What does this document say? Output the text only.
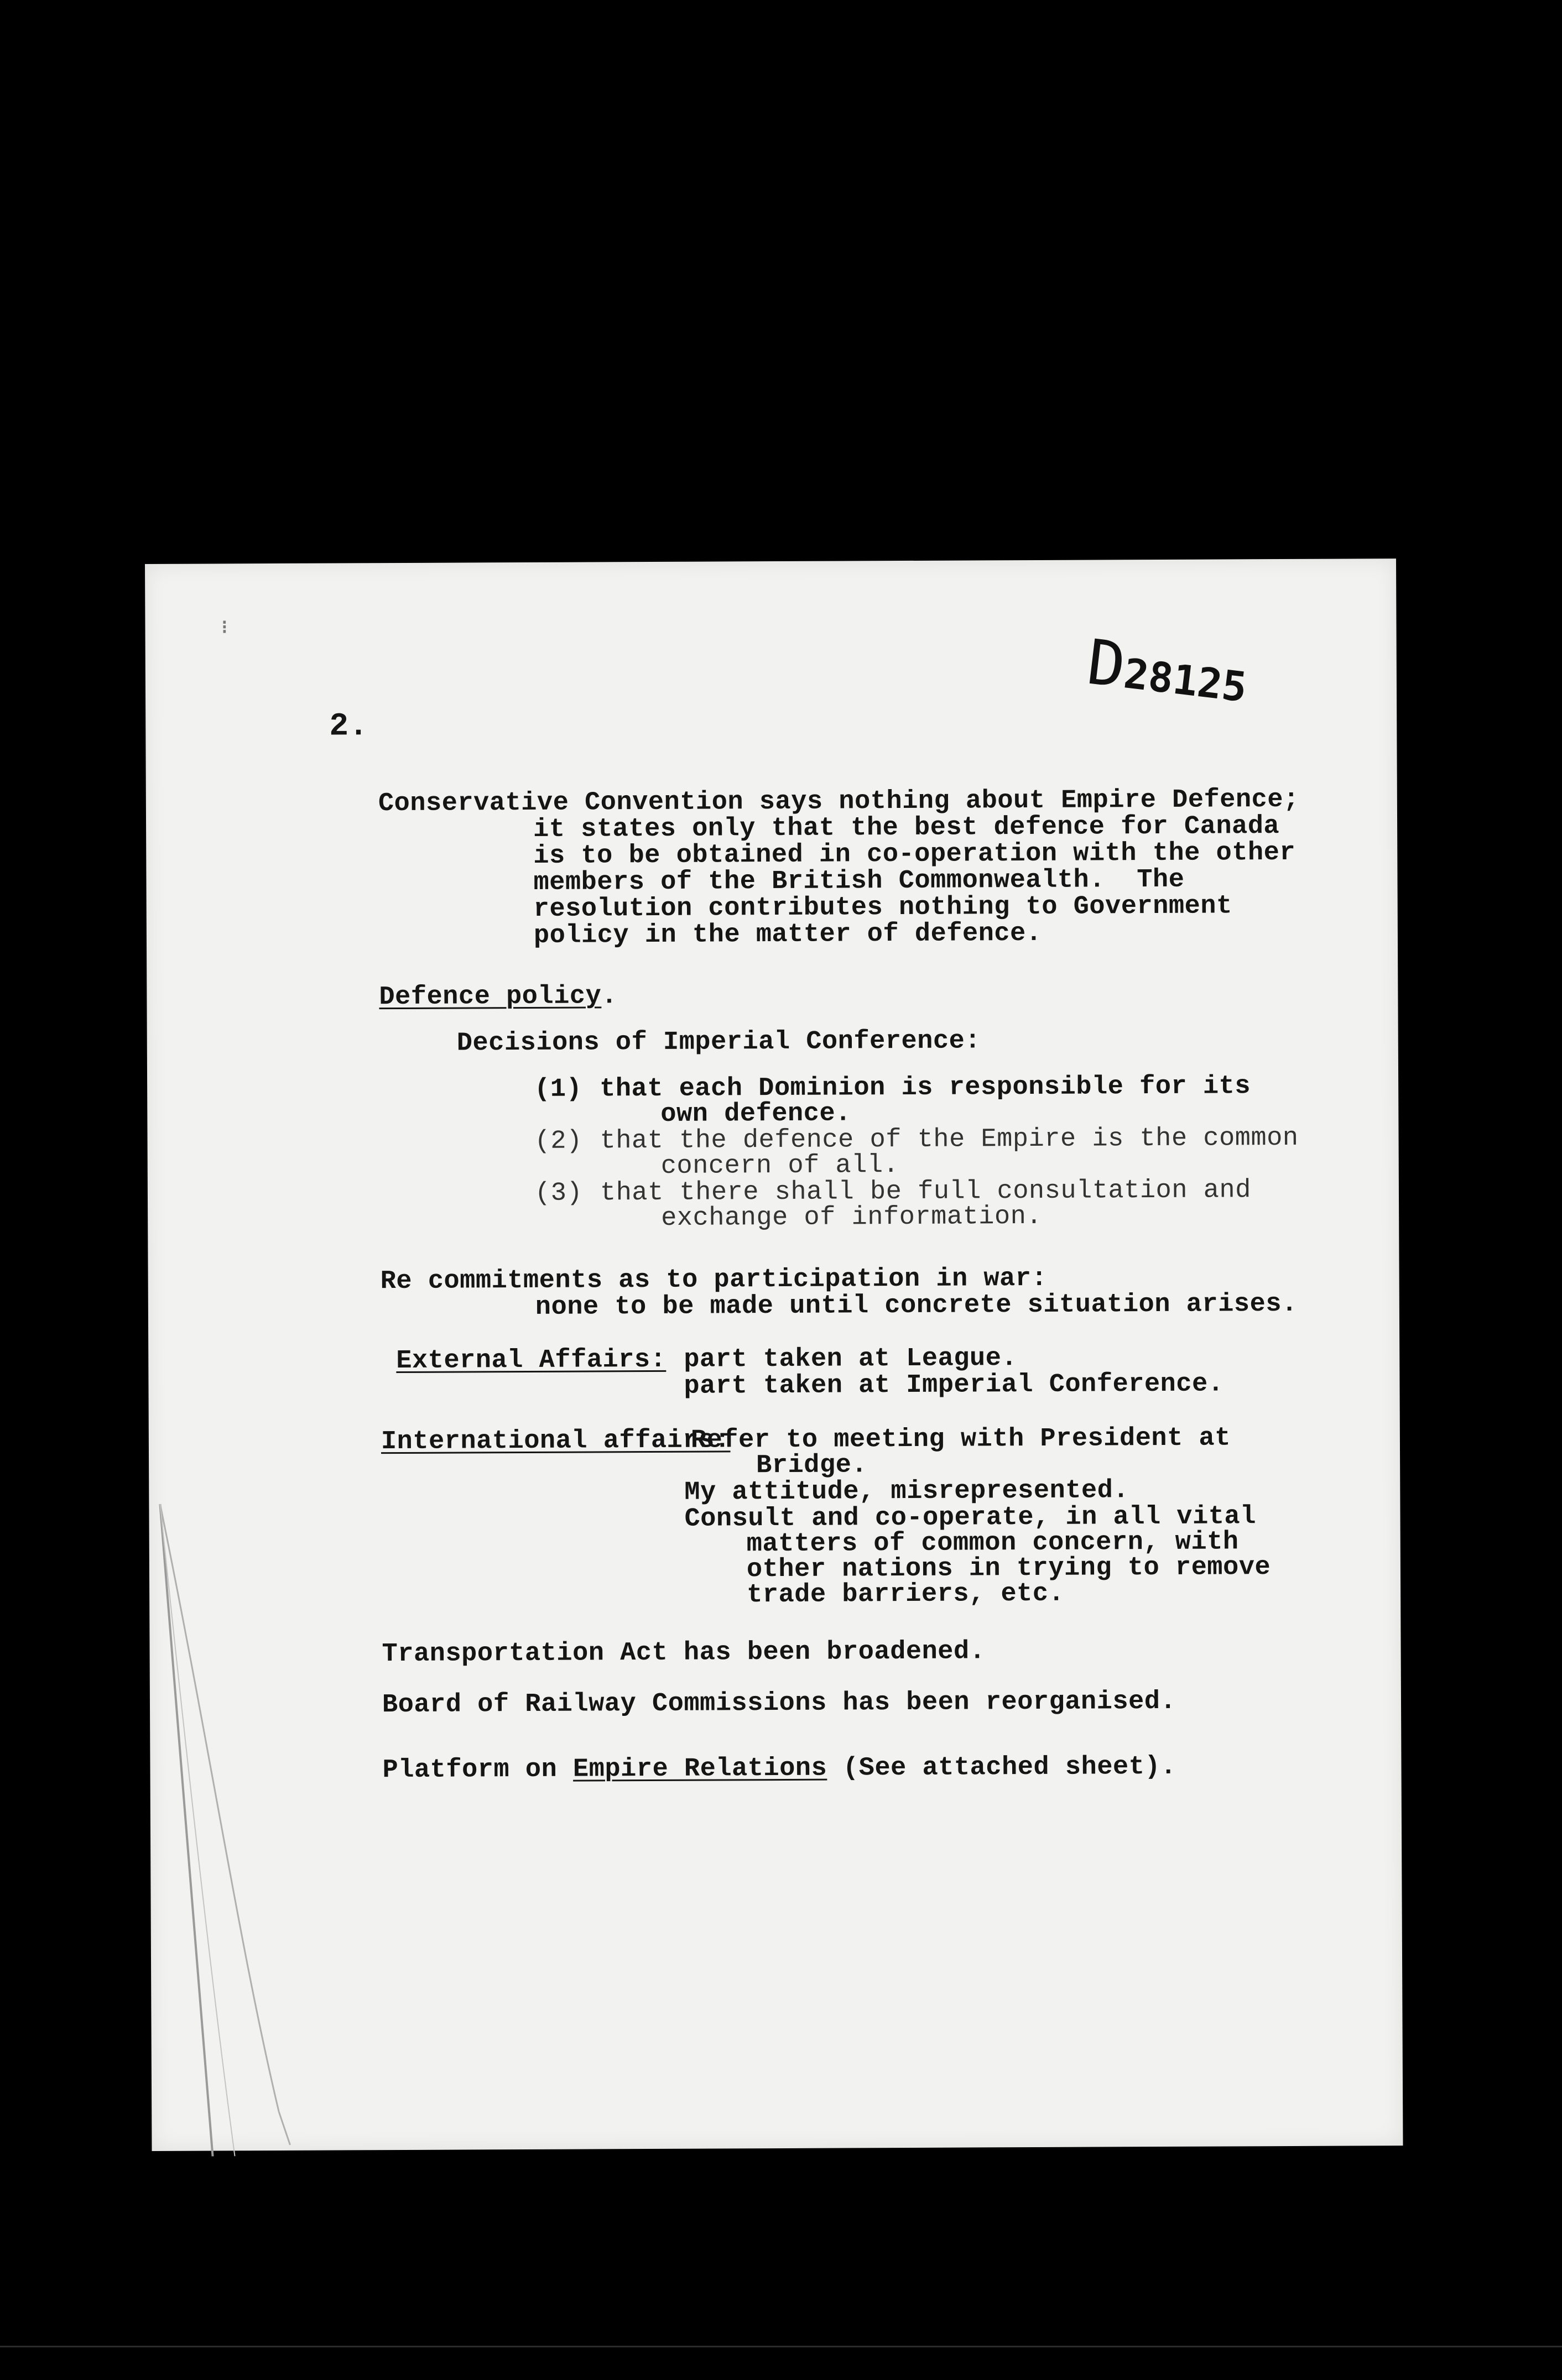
⁝	D28125
2.
Conservative Convention says nothing about Empire Defence;
it states only that the best defence for Canada
is to be obtained in co-operation with the other
members of the British Commonwealth.  The
resolution contributes nothing to Government
policy in the matter of defence.
Defence policy.
Decisions of Imperial Conference:
(1) that each Dominion is responsible for its
own defence.
(2) that the defence of the Empire is the common
concern of all.
(3) that there shall be full consultation and
exchange of information.
Re commitments as to participation in war:
none to be made until concrete situation arises.
External Affairs: part taken at League.
part taken at Imperial Conference.
International affairs:
Refer to meeting with President at
Bridge.
My attitude, misrepresented.
Consult and co-operate, in all vital
matters of common concern, with
other nations in trying to remove
trade barriers, etc.
Transportation Act has been broadened.
Board of Railway Commissions has been reorganised.
Platform on Empire Relations (See attached sheet).
